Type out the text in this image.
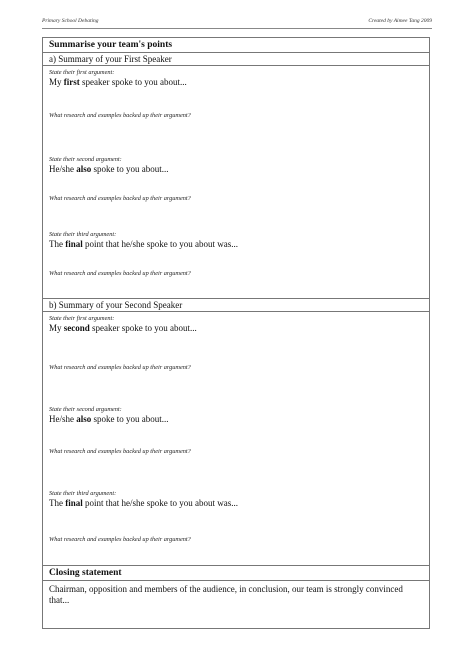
Primary School Debating	Created by Aimee Tang 2009
Summarise your team's points
a) Summary of your First Speaker
State their first argument:
My first speaker spoke to you about...
What research and examples backed up their argument?
State their second argument:
He/she also spoke to you about...
What research and examples backed up their argument?
State their third argument:
The final point that he/she spoke to you about was...
What research and examples backed up their argument?
b) Summary of your Second Speaker
State their first argument:
My second speaker spoke to you about...
What research and examples backed up their argument?
State their second argument:
He/she also spoke to you about...
What research and examples backed up their argument?
State their third argument:
The final point that he/she spoke to you about was...
What research and examples backed up their argument?
Closing statement
Chairman, opposition and members of the audience, in conclusion, our team is strongly convinced that...
